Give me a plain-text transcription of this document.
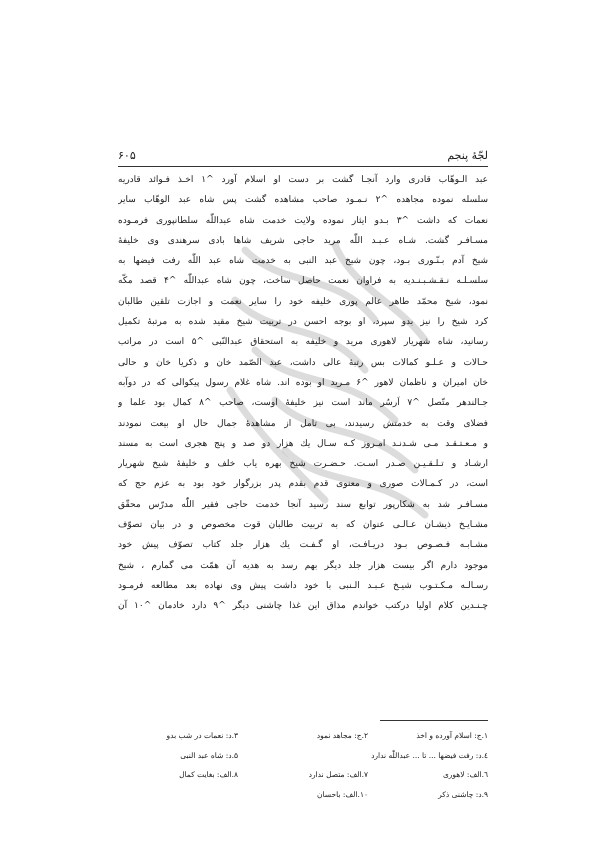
لجّهٔ پنجم
۶۰۵
عبد الـوهّاب قادری وارد آنجـا گشت بر دست او اسلام آورد ^۱ اخـذ فـوائد قادریه
سلسله نموده مجاهده ^۲ نـمـود صاحب مشاهده گشت پس شاه عبد الوهّاب سایر
نعمات که داشت ^۳ بـدو ایثار نموده ولایت خدمت شاه عبداللّٰه سلطانپوری فرمـوده
مسـافـر گشت. شـاه عـبـد اللّٰه مرید حاجی شریف شاها بادی سرهندی وی خلیفهٔ
شیخ آدم بـنّـوری بـود، چون شیخ عبد النبی به خدمت شاه عبد اللّٰه رفت فیضها به
سلسـلـه نـقـشـبـنـدیه به فراوان نعمت حاصل ساخت، چون شاه عبداللّٰه ^۴ قصد مکّه
نمود، شیخ محمّد طاهر عالم پوری خلیفه خود را سایر نعمت و اجازت تلقین طالبان
کرد شیخ را نیز بدو سپرد، او بوجه احسن در تربیت شیخ مقید شده به مرتبهٔ تکمیل
رسانید، شاه شهریار لاهوری مرید و خلیفه به استحقاق عبدالنّبی ^۵ است در مراتب
حـالات و عـلـو کمالات بس رتبهٔ عالی داشت، عبد الصّمد خان و ذکریا خان و حالی
خان امیران و ناظمان لاهور ^۶ مـرید او بوده اند. شاه غلام رسول پیکوالی که در دوآبه
جـالندهر متّصل ^۷ اَرسُر ماند است نیز خلیفهٔ اوست، صاحب ^۸ کمال بود علما و
فضلای وقت به خدمتش رسیدند، بی تامل از مشاهدهٔ جمال حال او بیعت نمودند
و مـعـتـقـد مـی شـدنـد امـروز کـه سـال یك هزار دو صد و پنج هجری است به مسند
ارشـاد و تـلـقـیـن صـدر اسـت. حـضـرت شیخ بهره یاب خلف و خلیفهٔ شیخ شهریار
است، در کـمـالات صوری و معنوی قدم بقدم پدر بزرگوار خود بود به عزم حج که
مسـافـر شد به شکارپور توابع سند رسید آنجا خدمت حاجی فقیر اللّٰه مدرّس محقّق
مشـایـخ ذیشـان عـالـی عنوان که به تربیت طالبان قوت مخصوص و در بیان تصوّف
مشـابـه فـصـوص بـود دریـافـت، او گـفـت یك هزار جلد کتاب تصوّف پیش خود
موجود دارم اگر بیست هزار جلد دیگر بهم رسد به هدیه آن همّت می گمارم ، شیخ
رسـالـه مـکـتـوب شیـخ عـبـد الـنبی با خود داشت پیش وی نهاده بعد مطالعه فرمـود
چـنـدین کلام اولیا درکتب خواندم مذاق این غذا چاشنی دیگر ^۹ دارد خادمان ^۱۰ آن
۱.ج: اسلام آورده و اخذ
۲.ج: مجاهد نمود
۳.د: نعمات در شب بدو
٤.د: رفت فیضها ... تا ... عبداللّٰه ندارد
۵.د: شاه عبد النبی
٦.الف: لاهوری
۷.الف: متصل ندارد
۸.الف: بغایت کمال
۹.د: چاشنی ذکر
۱۰.الف: باحسان
